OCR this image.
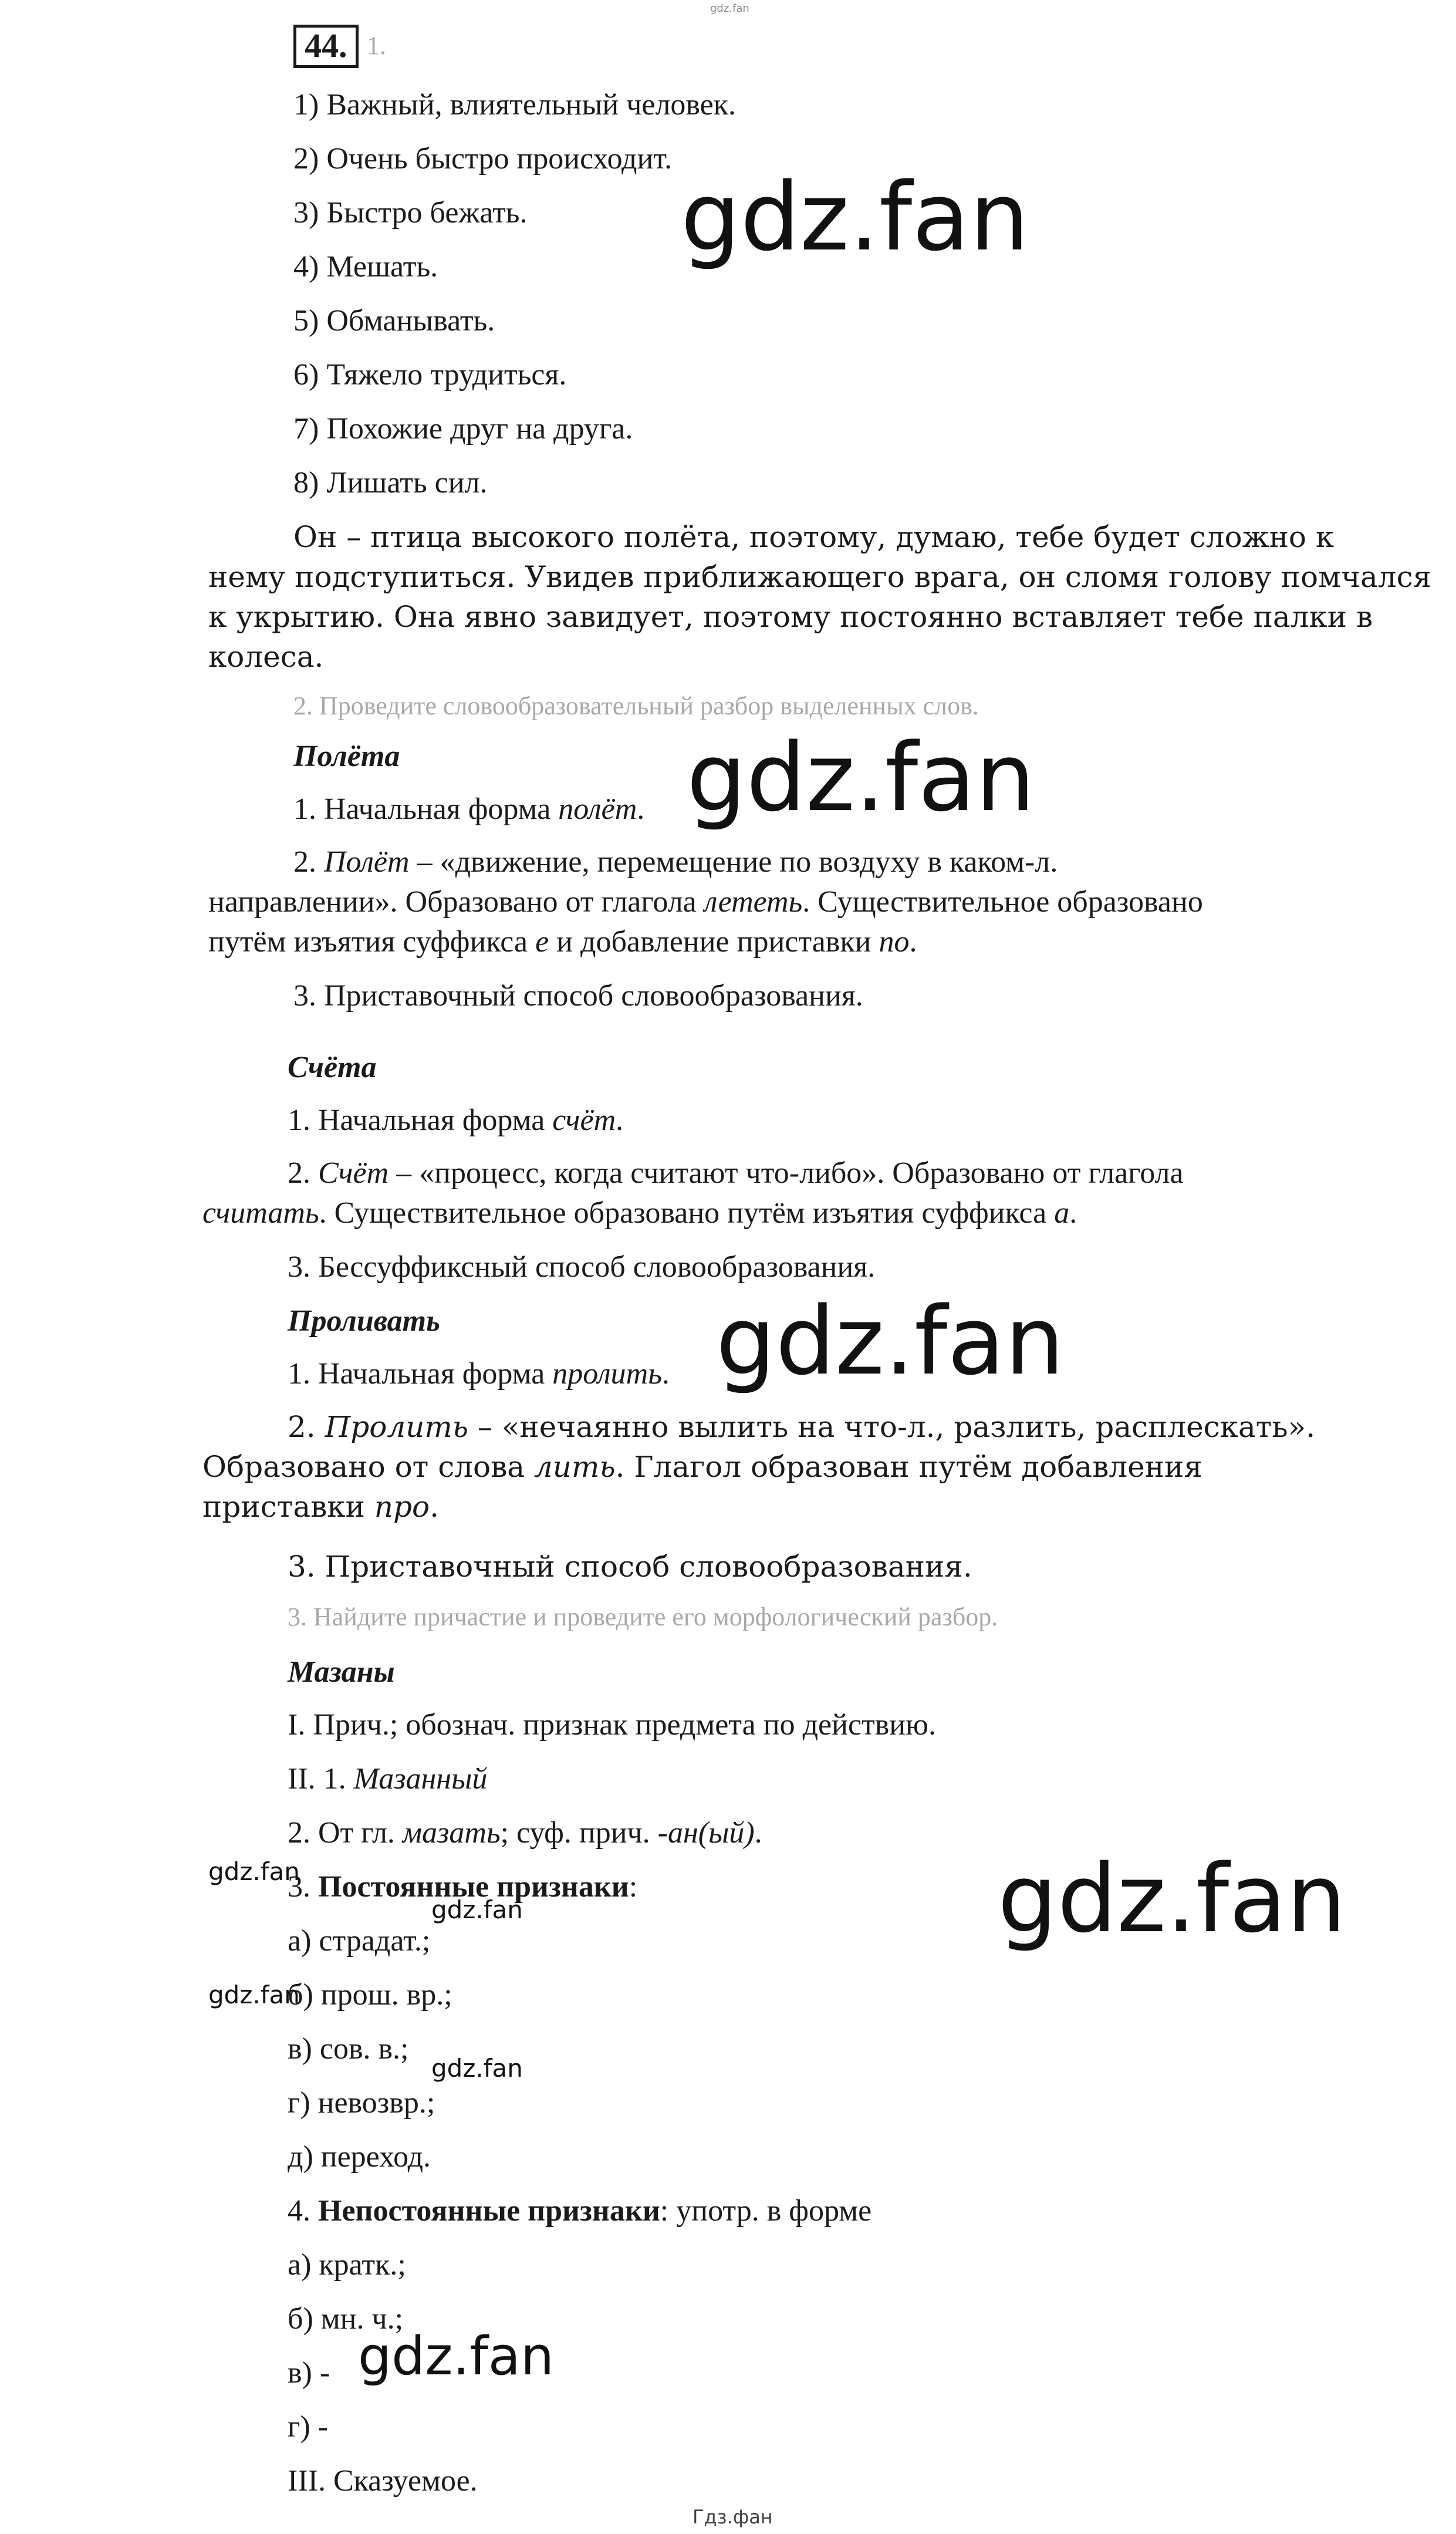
gdz.fan
44. 1.
1) Важный, влиятельный человек.
2) Очень быстро происходит.
3) Быстро бежать.
4) Мешать.
5) Обманывать.
6) Тяжело трудиться.
7) Похожие друг на друга.
8) Лишать сил.
Он – птица высокого полёта, поэтому, думаю, тебе будет сложно к
нему подступиться. Увидев приближающего врага, он сломя голову помчался
к укрытию. Она явно завидует, поэтому постоянно вставляет тебе палки в
колеса.
2. Проведите словообразовательный разбор выделенных слов.
Полёта
1. Начальная форма полёт.
2. Полёт – «движение, перемещение по воздуху в каком-л.
направлении». Образовано от глагола лететь. Существительное образовано
путём изъятия суффикса е и добавление приставки по.
3. Приставочный способ словообразования.
Счёта
1. Начальная форма счёт.
2. Счёт – «процесс, когда считают что-либо». Образовано от глагола
считать. Существительное образовано путём изъятия суффикса а.
3. Бессуффиксный способ словообразования.
Проливать
1. Начальная форма пролить.
2. Пролить – «нечаянно вылить на что-л., разлить, расплескать».
Образовано от слова лить. Глагол образован путём добавления
приставки про.
3. Приставочный способ словообразования.
3. Найдите причастие и проведите его морфологический разбор.
Мазаны
I. Прич.; обознач. признак предмета по действию.
II. 1. Мазанный
2. От гл. мазать; суф. прич. -ан(ый).
3. Постоянные признаки:
а) страдат.;
б) прош. вр.;
в) сов. в.;
г) невозвр.;
д) переход.
4. Непостоянные признаки: употр. в форме
а) кратк.;
б) мн. ч.;
в) -
г) -
III. Сказуемое.
gdz.fan
gdz.fan
gdz.fan
gdz.fan
gdz.fan
gdz.fan
gdz.fan
gdz.fan
gdz.fan
Гдз.фан
